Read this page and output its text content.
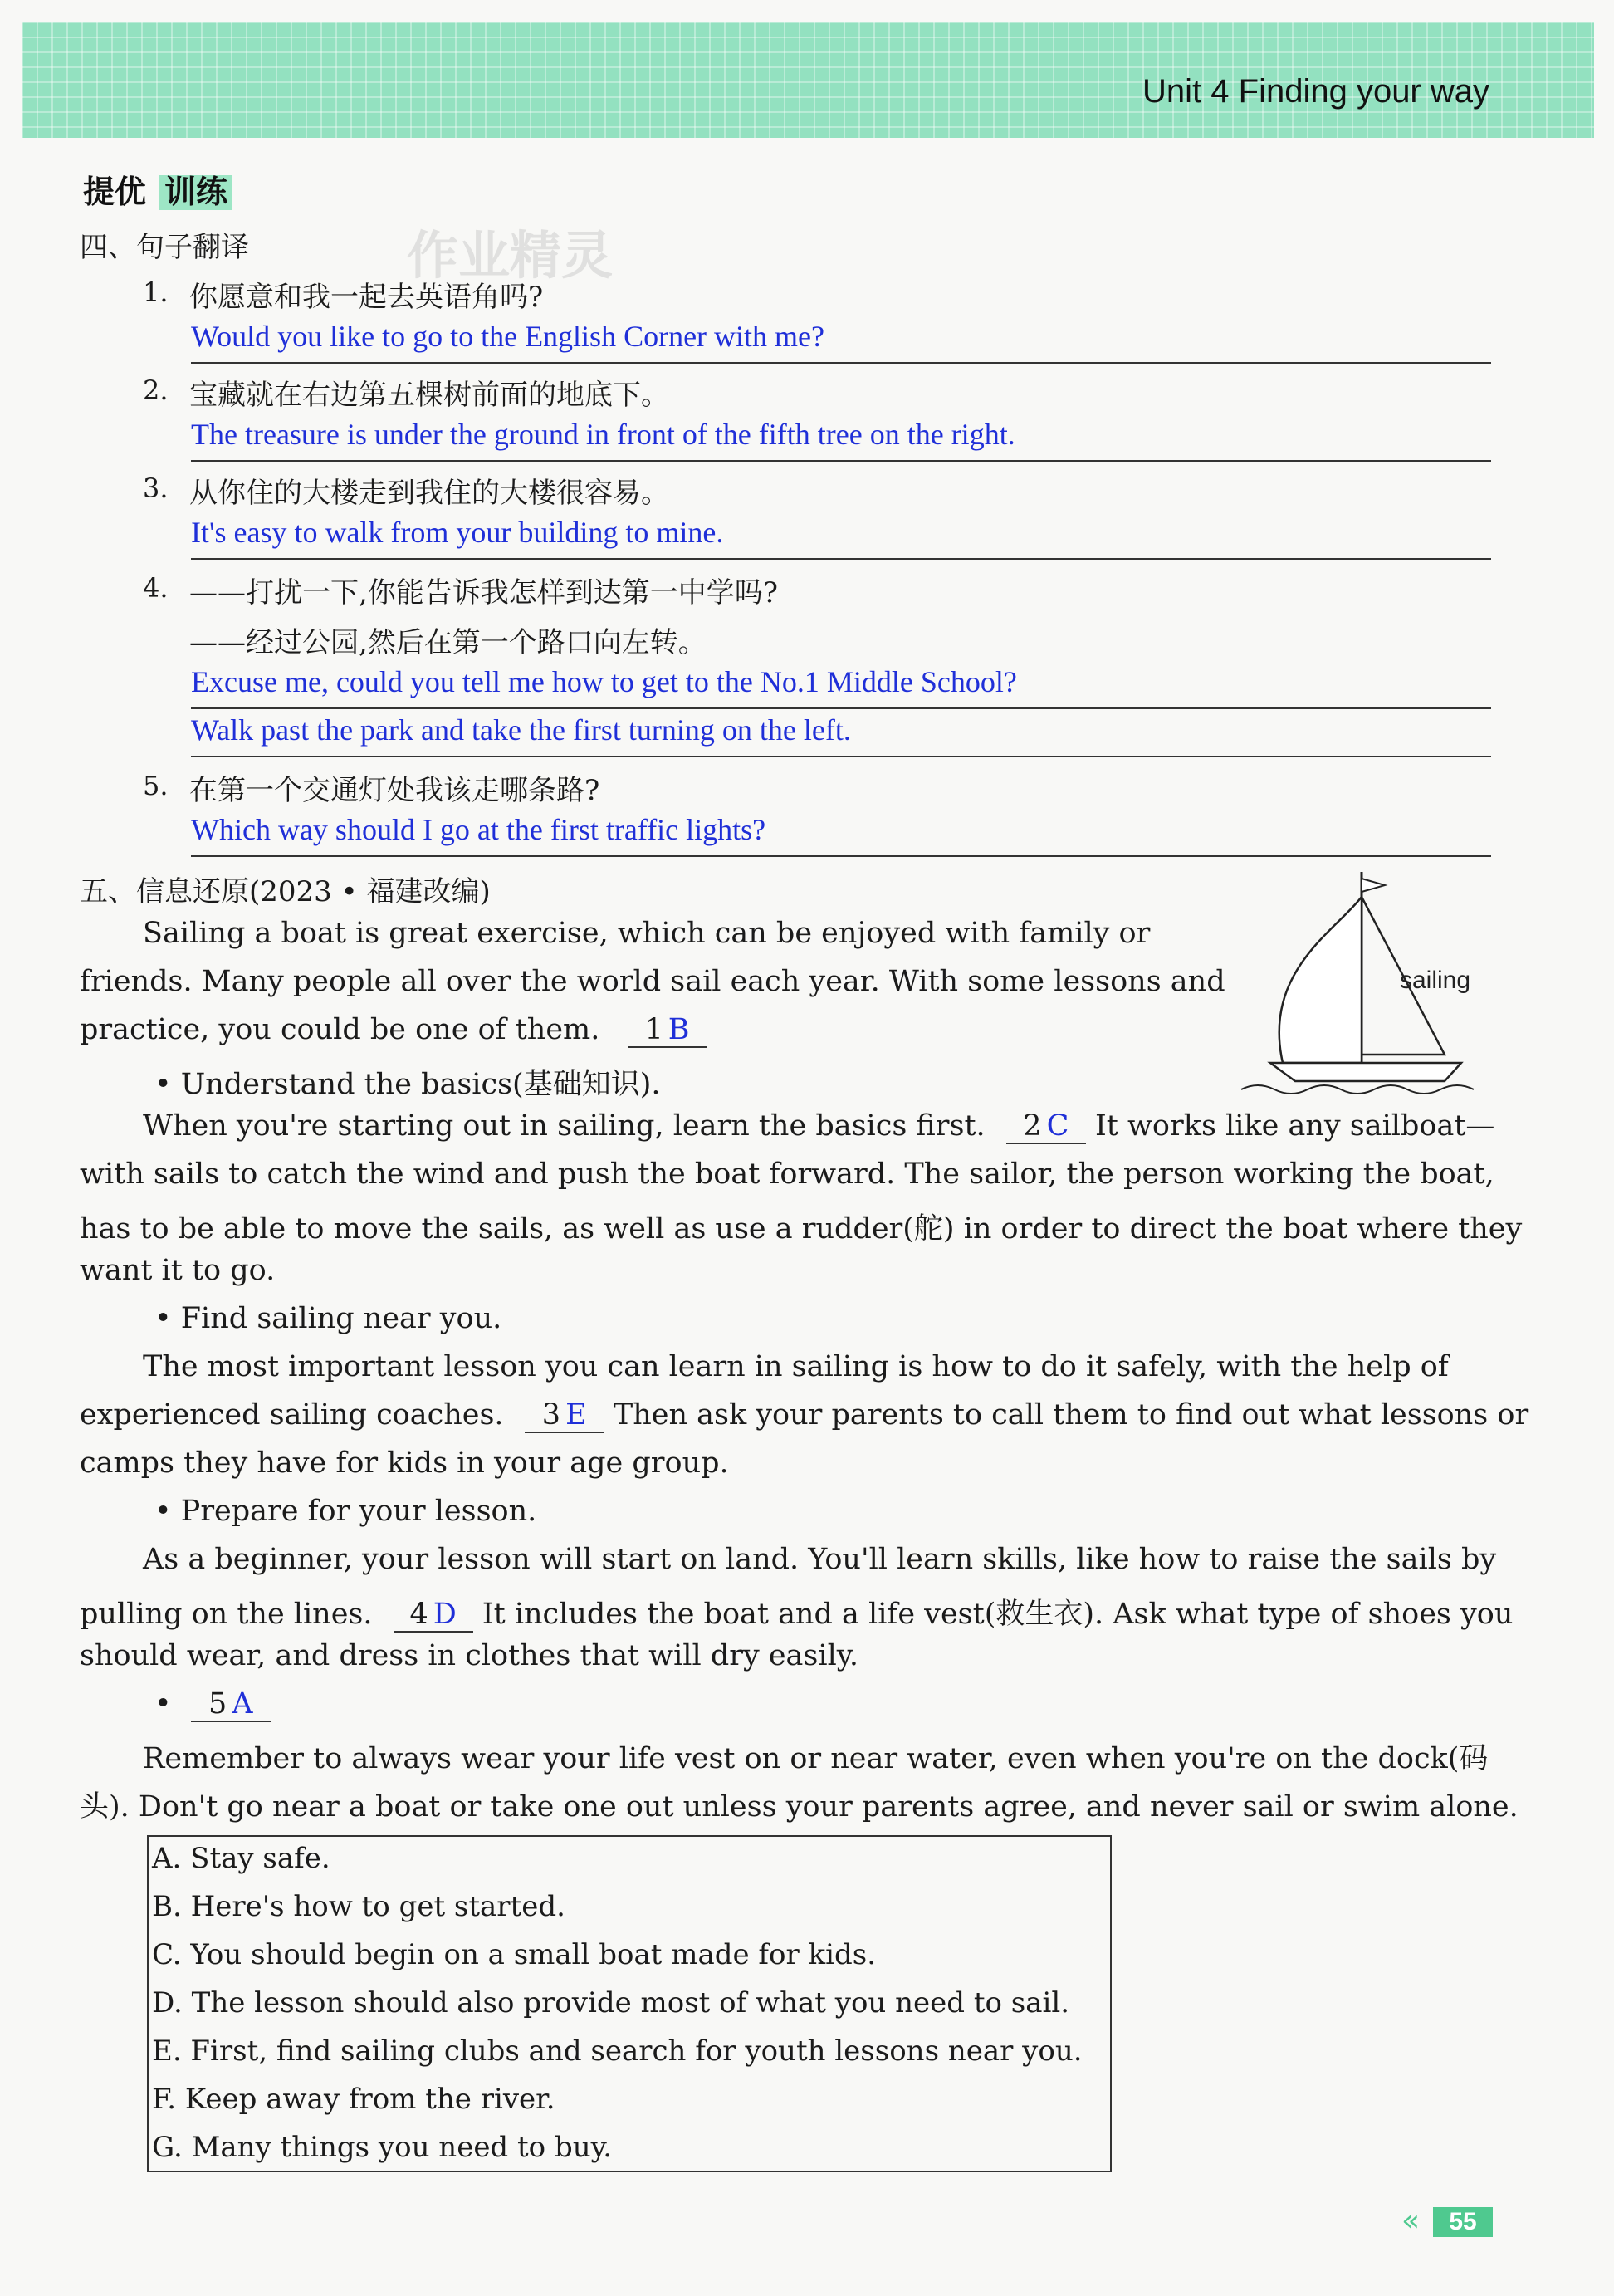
Unit 4 Finding your way
提优 训练
作业精灵
四、句子翻译
1. 你愿意和我一起去英语角吗?
Would you like to go to the English Corner with me?
2. 宝藏就在右边第五棵树前面的地底下。
The treasure is under the ground in front of the fifth tree on the right.
3. 从你住的大楼走到我住的大楼很容易。
It's easy to walk from your building to mine.
4. ——打扰一下,你能告诉我怎样到达第一中学吗?
——经过公园,然后在第一个路口向左转。
Excuse me, could you tell me how to get to the No.1 Middle School?
Walk past the park and take the first turning on the left.
5. 在第一个交通灯处我该走哪条路?
Which way should I go at the first traffic lights?
五、信息还原(2023 • 福建改编)
sailing
Sailing a boat is great exercise, which can be enjoyed with family or
friends. Many people all over the world sail each year. With some lessons and
practice, you could be one of them. 1 B
• Understand the basics(基础知识).
When you're starting out in sailing, learn the basics first. 2 C It works like any sailboat—
with sails to catch the wind and push the boat forward. The sailor, the person working the boat,
has to be able to move the sails, as well as use a rudder(舵) in order to direct the boat where they
want it to go.
• Find sailing near you.
The most important lesson you can learn in sailing is how to do it safely, with the help of
experienced sailing coaches. 3 E Then ask your parents to call them to find out what lessons or
camps they have for kids in your age group.
• Prepare for your lesson.
As a beginner, your lesson will start on land. You'll learn skills, like how to raise the sails by
pulling on the lines. 4 D It includes the boat and a life vest(救生衣). Ask what type of shoes you
should wear, and dress in clothes that will dry easily.
• 5 A
Remember to always wear your life vest on or near water, even when you're on the dock(码
头). Don't go near a boat or take one out unless your parents agree, and never sail or swim alone.
A. Stay safe.
B. Here's how to get started.
C. You should begin on a small boat made for kids.
D. The lesson should also provide most of what you need to sail.
E. First, find sailing clubs and search for youth lessons near you.
F. Keep away from the river.
G. Many things you need to buy.
«	55
